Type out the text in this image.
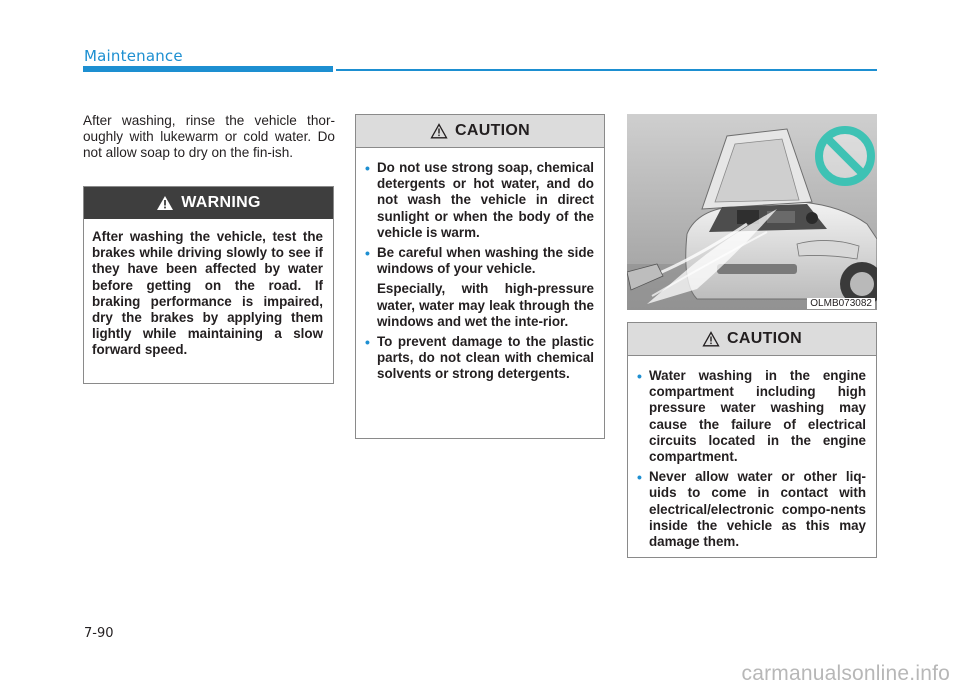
Maintenance

After washing, rinse the vehicle thor-oughly with lukewarm or cold water. Do not allow soap to dry on the fin-ish.

WARNING

After washing the vehicle, test the brakes while driving slowly to see if they have been affected by water before getting on the road. If braking performance is impaired, dry the brakes by applying them lightly while maintaining a slow forward speed.

CAUTION
• Do not use strong soap, chemical detergents or hot water, and do not wash the vehicle in direct sunlight or when the body of the vehicle is warm.
• Be careful when washing the side windows of your vehicle.
Especially, with high-pressure water, water may leak through the windows and wet the inte-rior.
• To prevent damage to the plastic parts, do not clean with chemical solvents or strong detergents.
OLMB073082
CAUTION
• Water washing in the engine compartment including high pressure water washing may cause the failure of electrical circuits located in the engine compartment.
• Never allow water or other liq-uids to come in contact with electrical/electronic compo-nents inside the vehicle as this may damage them.
7-90
carmanualsonline.info
